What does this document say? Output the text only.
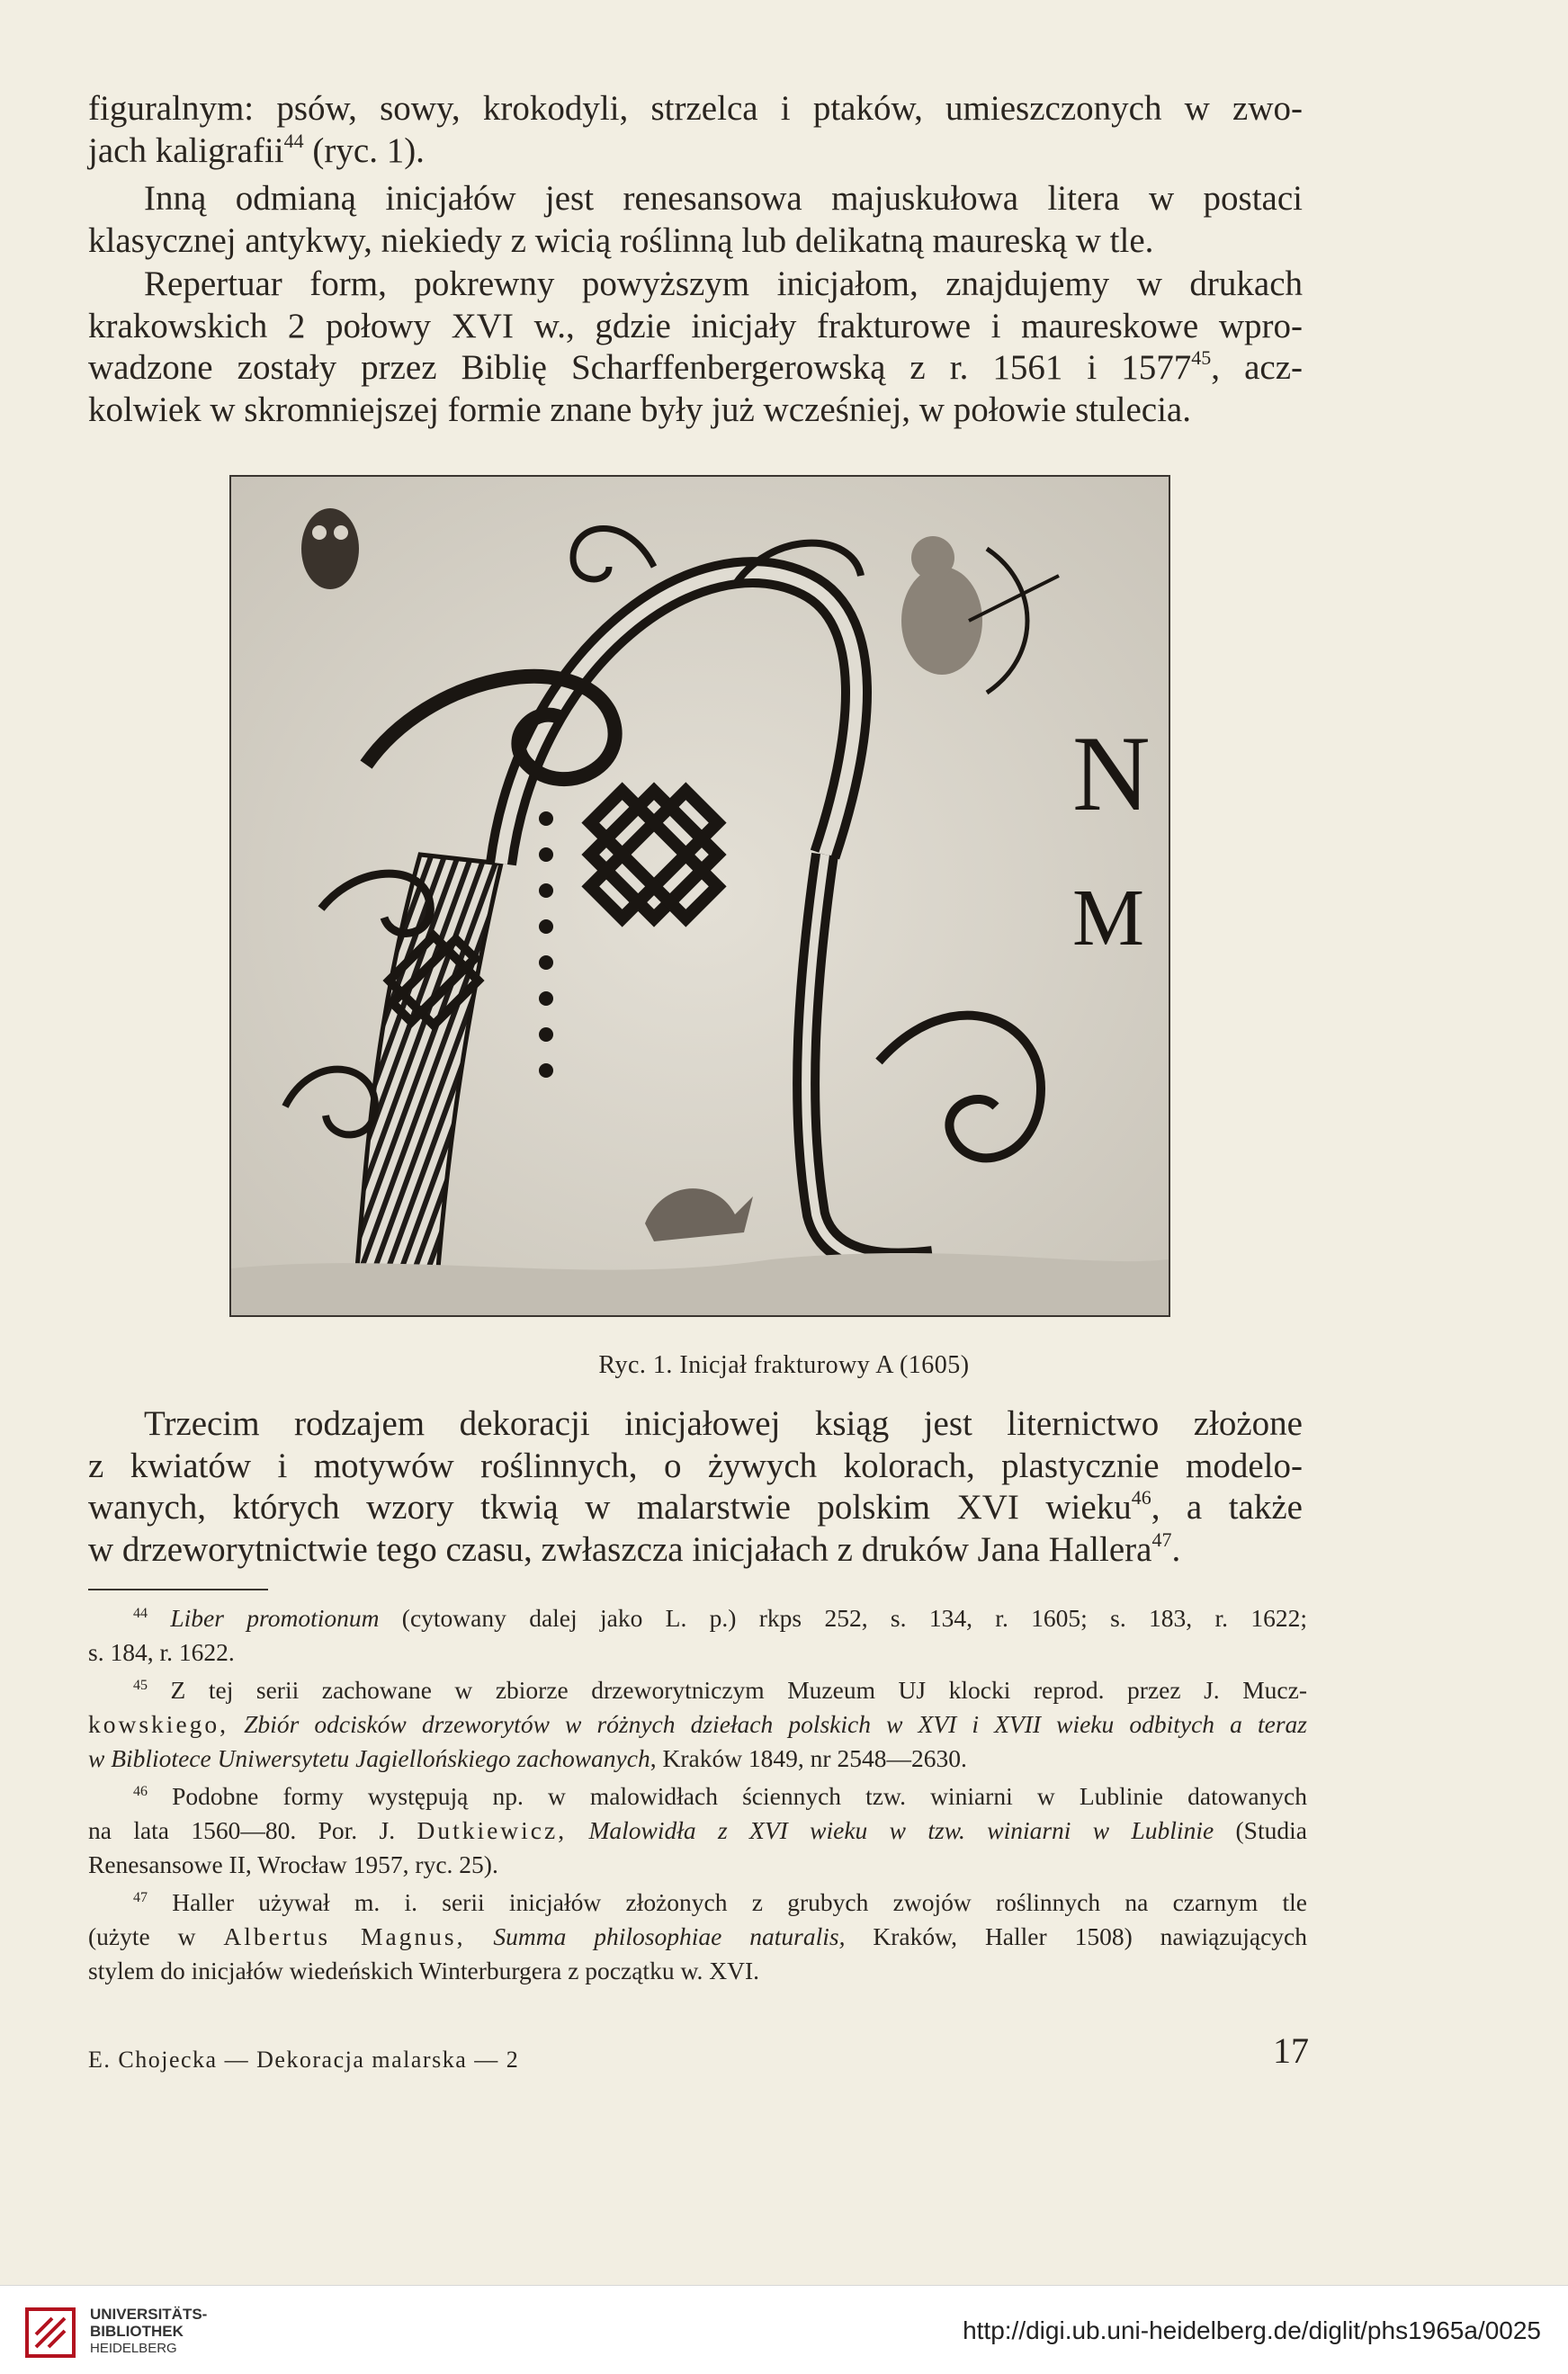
figuralnym: psów, sowy, krokodyli, strzelca i ptaków, umieszczonych w zwo-
jach kaligrafii$^{44}$ (ryc. 1).

Inną odmianą inicjałów jest renesansowa majuskułowa litera w postaci
klasycznej antykwy, niekiedy z wicią roślinną lub delikatną maureską w tle.

Repertuar form, pokrewny powyższym inicjałom, znajdujemy w drukach
krakowskich 2 połowy XVI w., gdzie inicjały frakturowe i maureskowe wpro-
wadzone zostały przez Biblię Scharffenbergerowską z r. 1561 i 1577$^{45}$, acz-
kolwiek w skromniejszej formie znane były już wcześniej, w połowie stulecia.

N
M
Ryc. 1. Inicjał frakturowy A (1605)

Trzecim rodzajem dekoracji inicjałowej ksiąg jest liternictwo złożone
z kwiatów i motywów roślinnych, o żywych kolorach, plastycznie modelo-
wanych, których wzory tkwią w malarstwie polskim XVI wieku$^{46}$, a także
w drzeworytnictwie tego czasu, zwłaszcza inicjałach z druków Jana Hallera$^{47}$.

$^{44}$ Liber promotionum (cytowany dalej jako L. p.) rkps 252, s. 134, r. 1605; s. 183, r. 1622;
s. 184, r. 1622.
$^{45}$ Z tej serii zachowane w zbiorze drzeworytniczym Muzeum UJ klocki reprod. przez J. Mucz-
kowskiego, Zbiór odcisków drzeworytów w różnych dziełach polskich w XVI i XVII wieku odbitych a teraz
w Bibliotece Uniwersytetu Jagiellońskiego zachowanych, Kraków 1849, nr 2548—2630.
$^{46}$ Podobne formy występują np. w malowidłach ściennych tzw. winiarni w Lublinie datowanych
na lata 1560—80. Por. J. Dutkiewicz, Malowidła z XVI wieku w tzw. winiarni w Lublinie (Studia
Renesansowe II, Wrocław 1957, ryc. 25).
$^{47}$ Haller używał m. i. serii inicjałów złożonych z grubych zwojów roślinnych na czarnym tle
(użyte w Albertus Magnus, Summa philosophiae naturalis, Kraków, Haller 1508) nawiązujących
stylem do inicjałów wiedeńskich Winterburgera z początku w. XVI.
E. Chojecka — Dekoracja malarska — 2	17
UNIVERSITÄTS-
BIBLIOTHEK
HEIDELBERG
http://digi.ub.uni-heidelberg.de/diglit/phs1965a/0025
